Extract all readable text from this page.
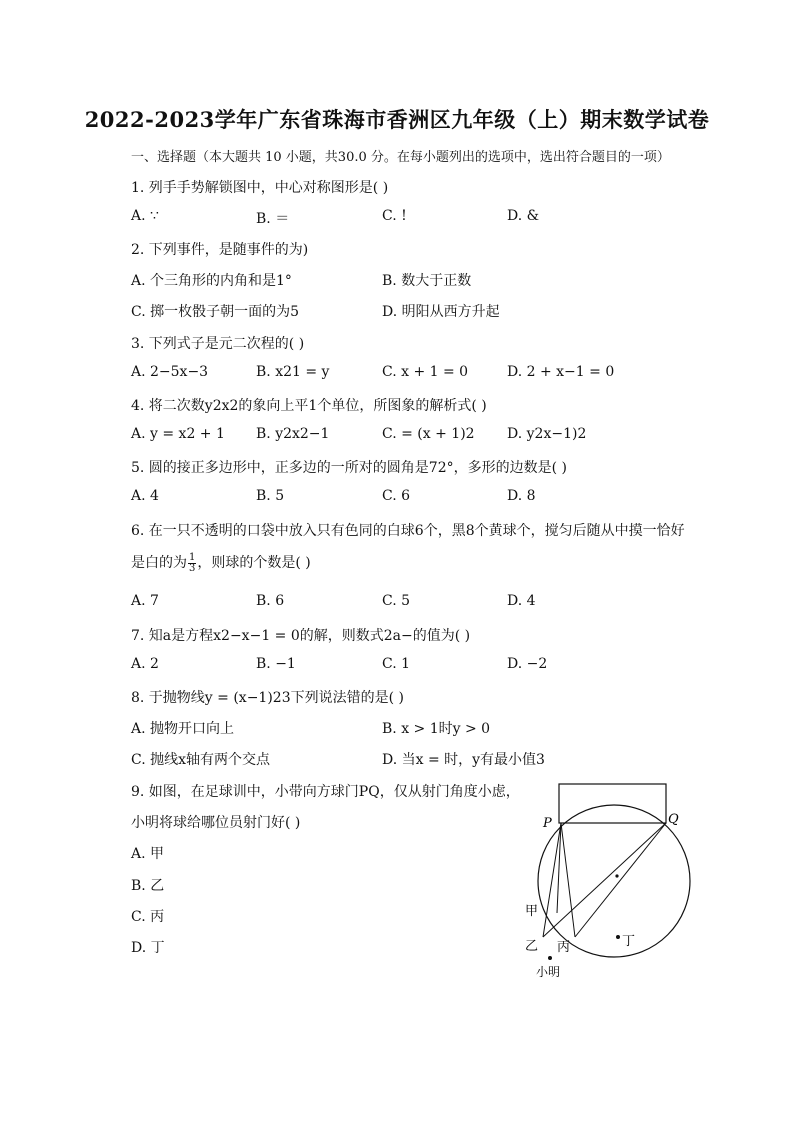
2022-2023学年广东省珠海市香洲区九年级（上）期末数学试卷
一、选择题（本大题共 10 小题，共30.0 分。在每小题列出的选项中，选出符合题目的一项）
1. 列手手势解锁图中，中心对称图形是( )
A. ∵	B. ＝	C. !	D. &
2. 下列事件，是随事件的为)
A. 个三角形的内角和是1°	B. 数大于正数
C. 掷一枚骰子朝一面的为5	D. 明阳从西方升起
3. 下列式子是元二次程的( )
A. 2−5x−3	B. x21 = y	C. x + 1 = 0	D. 2 + x−1 = 0
4. 将二次数y2x2的象向上平1个单位，所图象的解析式( )
A. y = x2 + 1 B. y2x2−1	C. = (x + 1)2 D. y2x−1)2
5. 圆的接正多边形中，正多边的一所对的圆角是72°，多形的边数是( )
A. 4	B. 5	C. 6	D. 8
6. 在一只不透明的口袋中放入只有色同的白球6个，黑8个黄球个，搅匀后随从中摸一恰好
是白的为 $\frac{1}{3}$ ，则球的个数是( )
A. 7	B. 6	C. 5	D. 4
7. 知a是方程x2−x−1 = 0的解，则数式2a−的值为( )
A. 2	B. −1	C. 1	D. −2
8. 于抛物线y = (x−1)23下列说法错的是( )
A. 抛物开口向上	B. x > 1时y > 0
C. 抛线x轴有两个交点	D. 当x = 时，y有最小值3
9. 如图，在足球训中，小带向方球门PQ，仅从射门角度小虑，
小明将球给哪位员射门好( )
A. 甲
B. 乙
C. 丙
D. 丁
P	Q
甲
乙 丙	丁
小明
